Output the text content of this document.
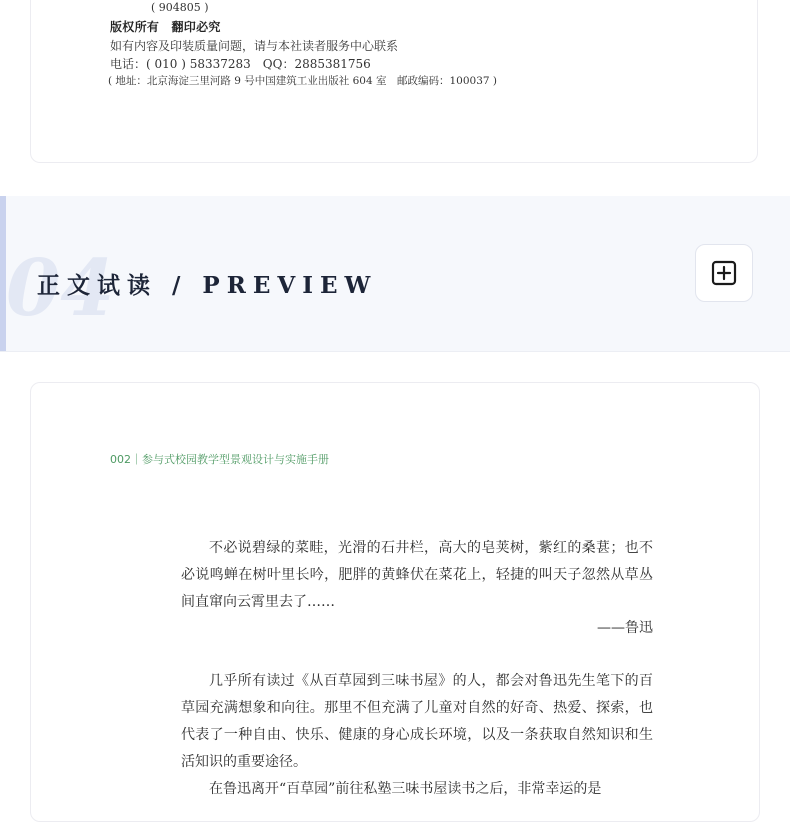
( 904805 )

版权所有　翻印必究

如有内容及印装质量问题，请与本社读者服务中心联系

电话：( 010 ) 58337283　QQ：2885381756

( 地址：北京海淀三里河路 9 号中国建筑工业出版社 604 室　邮政编码：100037 )

04

正文试读 / PREVIEW

002｜参与式校园教学型景观设计与实施手册

不必说碧绿的菜畦，光滑的石井栏，高大的皂荚树，紫红的桑葚；也不必说鸣蝉在树叶里长吟，肥胖的黄蜂伏在菜花上，轻捷的叫天子忽然从草丛间直窜向云霄里去了……

——鲁迅

几乎所有读过《从百草园到三味书屋》的人，都会对鲁迅先生笔下的百草园充满想象和向往。那里不但充满了儿童对自然的好奇、热爱、探索，也代表了一种自由、快乐、健康的身心成长环境，以及一条获取自然知识和生活知识的重要途径。

在鲁迅离开“百草园”前往私塾三味书屋读书之后，非常幸运的是
